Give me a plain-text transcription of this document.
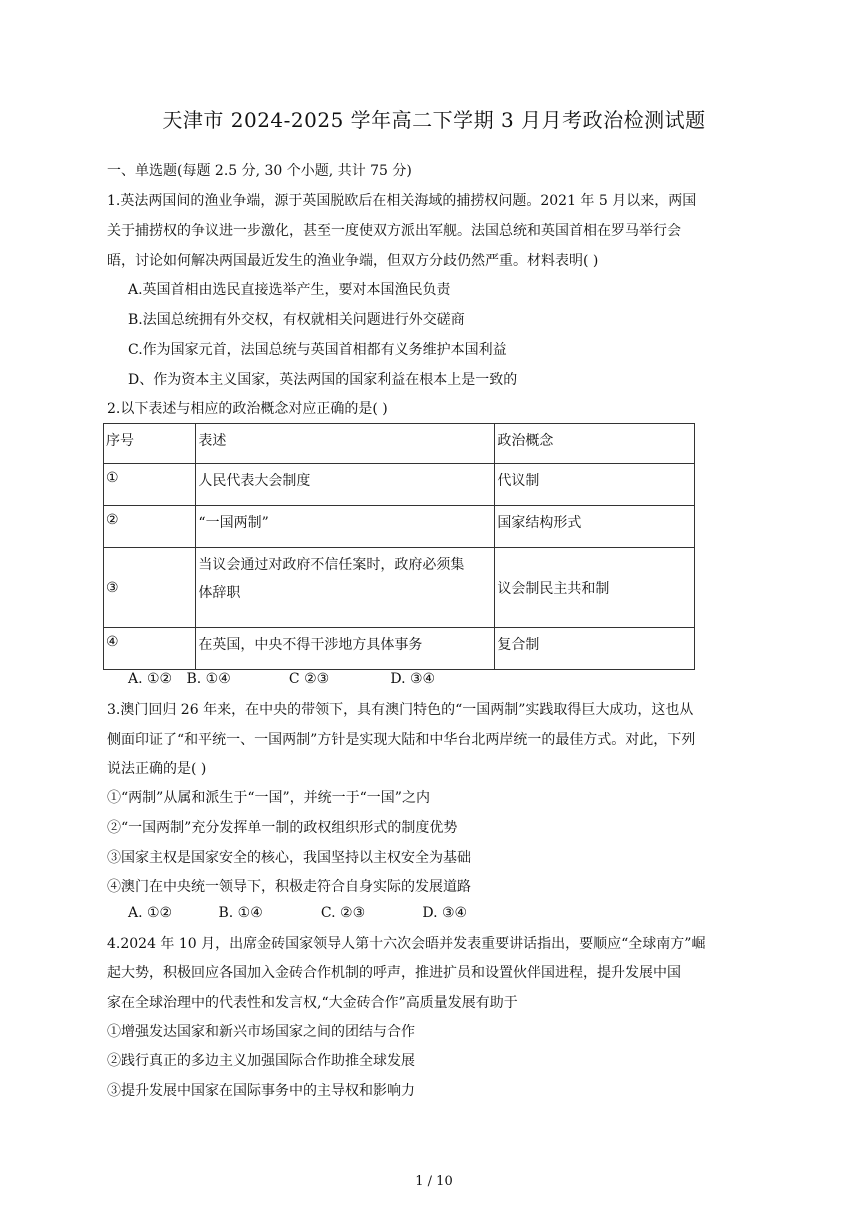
天津市 2024-2025 学年高二下学期 3 月月考政治检测试题
一、单选题(每题 2.5 分, 30 个小题, 共计 75 分)
1.英法两国间的渔业争端，源于英国脱欧后在相关海域的捕捞权问题。2021 年 5 月以来，两国
关于捕捞权的争议进一步激化，甚至一度使双方派出军舰。法国总统和英国首相在罗马举行会
晤，讨论如何解决两国最近发生的渔业争端，但双方分歧仍然严重。材料表明( )
A.英国首相由选民直接选举产生，要对本国渔民负责
B.法国总统拥有外交权，有权就相关问题进行外交磋商
C.作为国家元首，法国总统与英国首相都有义务维护本国利益
D、作为资本主义国家，英法两国的国家利益在根本上是一致的
2.以下表述与相应的政治概念对应正确的是( )
序号	表述	政治概念
①	人民代表大会制度	代议制
②	“一国两制”	国家结构形式
③	当议会通过对政府不信任案时，政府必须集
体辞职	议会制民主共和制
④	在英国，中央不得干涉地方具体事务	复合制
A. ①② B. ①④	C ②③	D. ③④
3.澳门回归 26 年来，在中央的带领下，具有澳门特色的“一国两制”实践取得巨大成功，这也从
侧面印证了“和平统一、一国两制”方针是实现大陆和中华台北两岸统一的最佳方式。对此，下列
说法正确的是( )
①“两制”从属和派生于“一国”，并统一于“一国”之内
②“一国两制”充分发挥单一制的政权组织形式的制度优势
③国家主权是国家安全的核心，我国坚持以主权安全为基础
④澳门在中央统一领导下，积极走符合自身实际的发展道路
A. ①②	B. ①④	C. ②③	D. ③④
4.2024 年 10 月，出席金砖国家领导人第十六次会晤并发表重要讲话指出，要顺应“全球南方”崛
起大势，积极回应各国加入金砖合作机制的呼声，推进扩员和设置伙伴国进程，提升发展中国
家在全球治理中的代表性和发言权,“大金砖合作”高质量发展有助于
①增强发达国家和新兴市场国家之间的团结与合作
②践行真正的多边主义加强国际合作助推全球发展
③提升发展中国家在国际事务中的主导权和影响力
1 / 10
